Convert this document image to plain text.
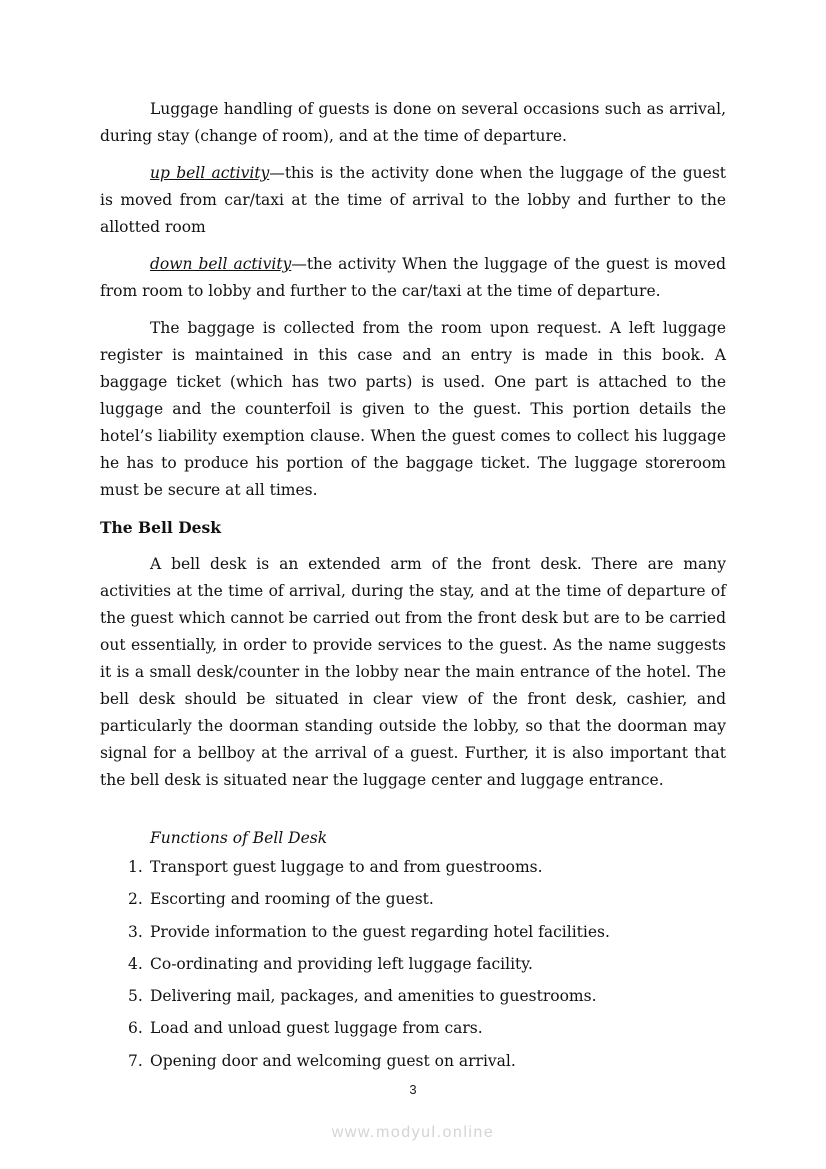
Luggage handling of guests is done on several occasions such as arrival, during stay (change of room), and at the time of departure.

up bell activity—this is the activity done when the luggage of the guest is moved from car/taxi at the time of arrival to the lobby and further to the allotted room

down bell activity—the activity When the luggage of the guest is moved from room to lobby and further to the car/taxi at the time of departure.

The baggage is collected from the room upon request. A left luggage register is maintained in this case and an entry is made in this book. A baggage ticket (which has two parts) is used. One part is attached to the luggage and the counterfoil is given to the guest. This portion details the hotel’s liability exemption clause. When the guest comes to collect his luggage he has to produce his portion of the baggage ticket. The luggage storeroom must be secure at all times.

The Bell Desk

A bell desk is an extended arm of the front desk. There are many activities at the time of arrival, during the stay, and at the time of departure of the guest which cannot be carried out from the front desk but are to be carried out essentially, in order to provide services to the guest. As the name suggests it is a small desk/counter in the lobby near the main entrance of the hotel. The bell desk should be situated in clear view of the front desk, cashier, and particularly the doorman standing outside the lobby, so that the doorman may signal for a bellboy at the arrival of a guest. Further, it is also important that the bell desk is situated near the luggage center and luggage entrance.

Functions of Bell Desk
1. Transport guest luggage to and from guestrooms.
2. Escorting and rooming of the guest.
3. Provide information to the guest regarding hotel facilities.
4. Co-ordinating and providing left luggage facility.
5. Delivering mail, packages, and amenities to guestrooms.
6. Load and unload guest luggage from cars.
7. Opening door and welcoming guest on arrival.
3
www.modyul.online
